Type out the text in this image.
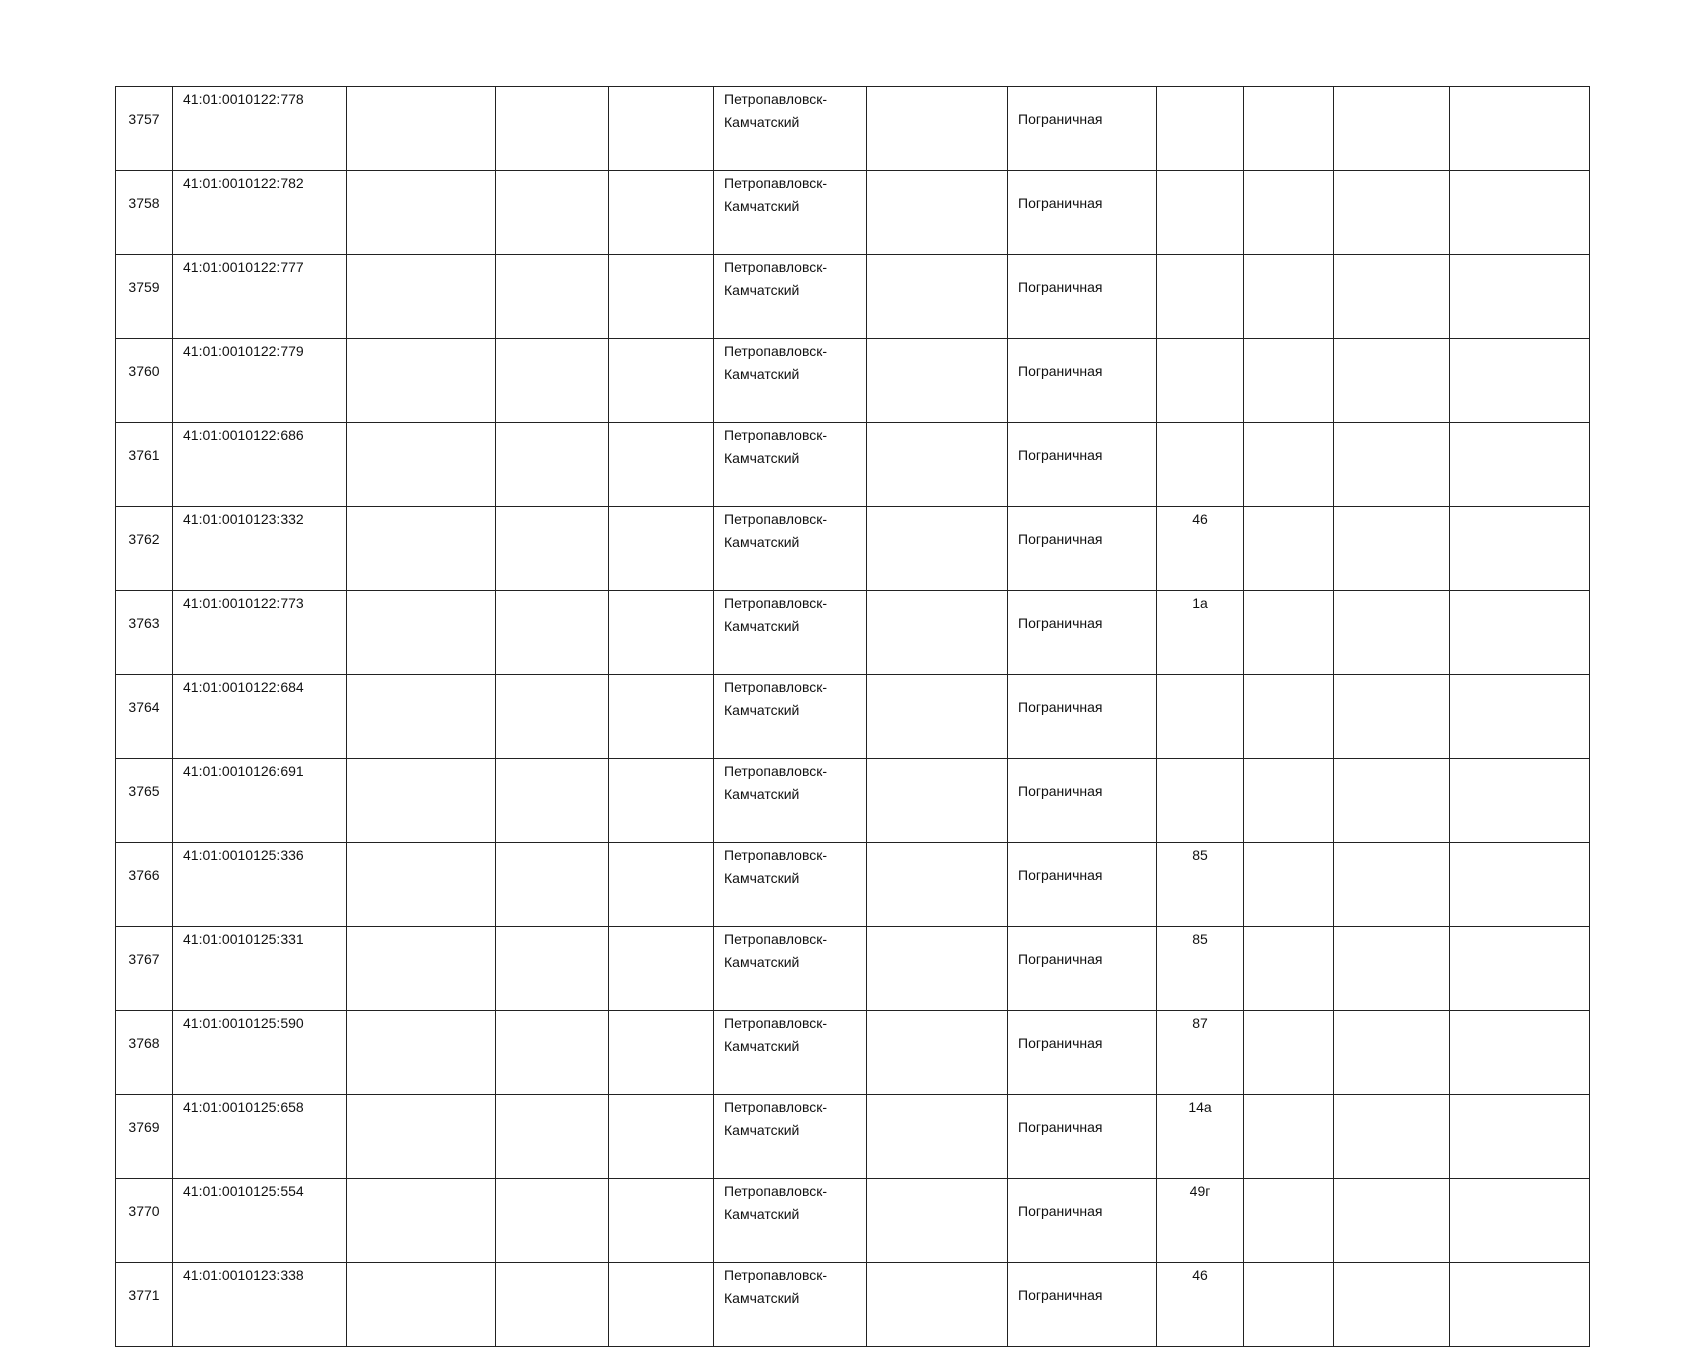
3757	41:01:0010122:778				Петропавловск-
Камчатский		Пограничная				
3758	41:01:0010122:782				Петропавловск-
Камчатский		Пограничная				
3759	41:01:0010122:777				Петропавловск-
Камчатский		Пограничная				
3760	41:01:0010122:779				Петропавловск-
Камчатский		Пограничная				
3761	41:01:0010122:686				Петропавловск-
Камчатский		Пограничная				
3762	41:01:0010123:332				Петропавловск-
Камчатский		Пограничная	46			
3763	41:01:0010122:773				Петропавловск-
Камчатский		Пограничная	1а			
3764	41:01:0010122:684				Петропавловск-
Камчатский		Пограничная				
3765	41:01:0010126:691				Петропавловск-
Камчатский		Пограничная				
3766	41:01:0010125:336				Петропавловск-
Камчатский		Пограничная	85			
3767	41:01:0010125:331				Петропавловск-
Камчатский		Пограничная	85			
3768	41:01:0010125:590				Петропавловск-
Камчатский		Пограничная	87			
3769	41:01:0010125:658				Петропавловск-
Камчатский		Пограничная	14а			
3770	41:01:0010125:554				Петропавловск-
Камчатский		Пограничная	49г			
3771	41:01:0010123:338				Петропавловск-
Камчатский		Пограничная	46			
